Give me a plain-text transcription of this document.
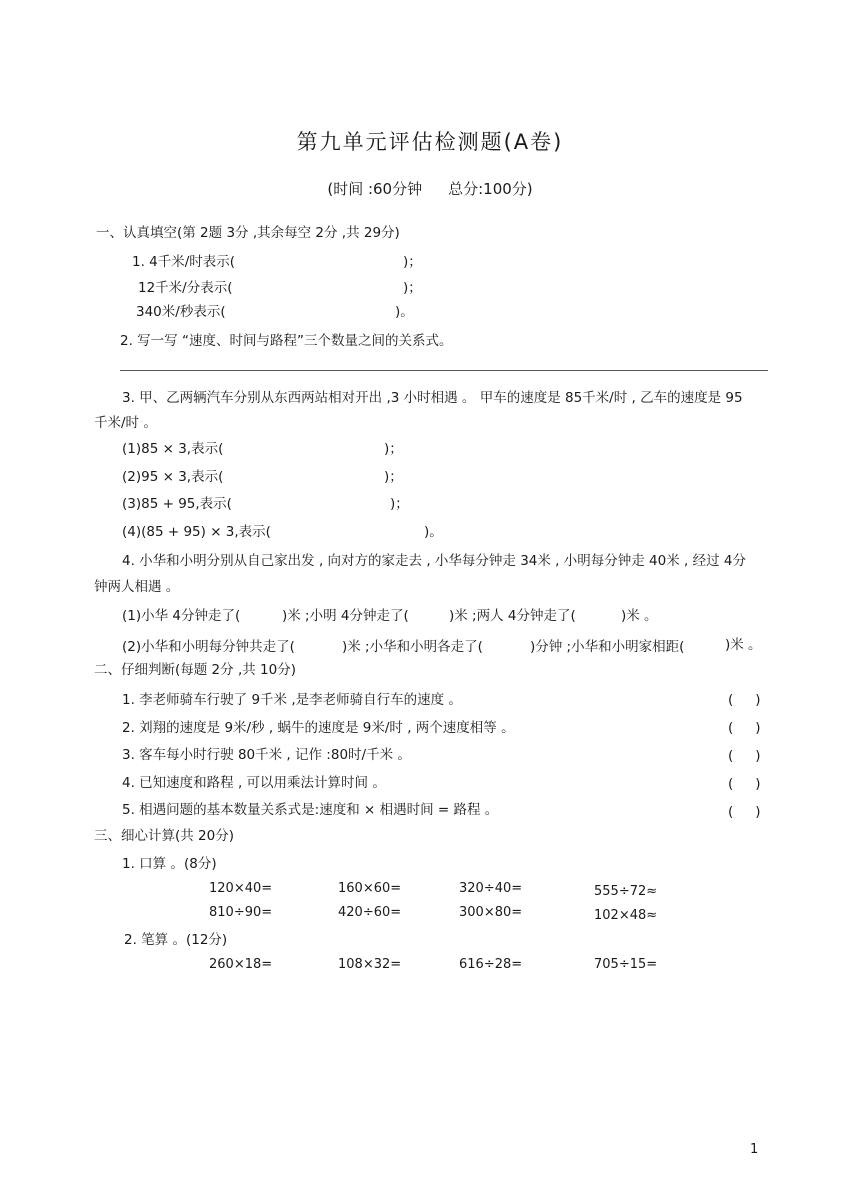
第九单元评估检测题(A卷)
(时间 :60分钟 总分:100分)
一、认真填空(第 2题 3分 ,其余每空 2分 ,共 29分)
1. 4千米/时表示(	)；
12千米/分表示(	)；
340米/秒表示(	)。
2. 写一写 “速度、时间与路程”三个数量之间的关系式。
3. 甲、乙两辆汽车分别从东西两站相对开出 ,3 小时相遇 。 甲车的速度是 85千米/时 , 乙车的速度是 95
千米/时 。
(1)85 × 3,表示(	)；
(2)95 × 3,表示(	)；
(3)85 + 95,表示(	)；
(4)(85 + 95) × 3,表示(	)。
4. 小华和小明分别从自己家出发 , 向对方的家走去 , 小华每分钟走 34米 , 小明每分钟走 40米 , 经过 4分
钟两人相遇 。
(1)小华 4分钟走了(	)米 ;小明 4分钟走了(	)米 ;两人 4分钟走了(	)米 。
(2)小华和小明每分钟共走了(	)米 ;小华和小明各走了(	)分钟 ;小华和小明家相距(	)米 。
二、仔细判断(每题 2分 ,共 10分)
1. 李老师骑车行驶了 9千米 ,是李老师骑自行车的速度 。	( )
2. 刘翔的速度是 9米/秒 , 蜗牛的速度是 9米/时 , 两个速度相等 。	( )
3. 客车每小时行驶 80千米 , 记作 :80时/千米 。	( )
4. 已知速度和路程 , 可以用乘法计算时间 。	( )
5. 相遇问题的基本数量关系式是:速度和 × 相遇时间 = 路程 。	( )
三、细心计算(共 20分)
1. 口算 。(8分)
120×40=	160×60=	320÷40=	555÷72≈
810÷90=	420÷60=	300×80=	102×48≈
2. 笔算 。(12分)
260×18=	108×32=	616÷28=	705÷15=
1
